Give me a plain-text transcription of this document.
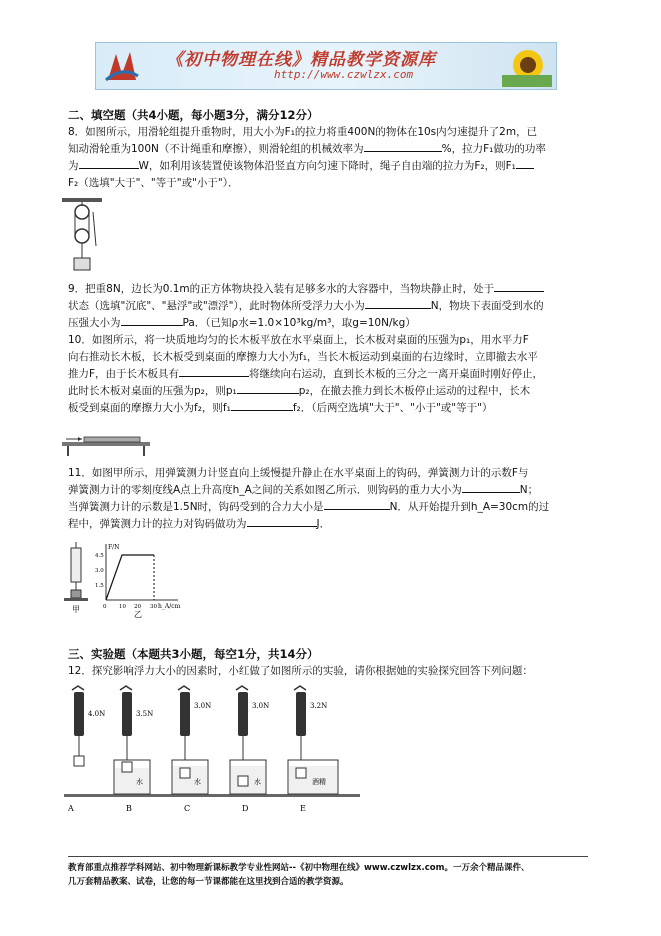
《初中物理在线》精品教学资源库
http://www.czwlzx.com
二、填空题（共4小题，每小题3分，满分12分）
8．如图所示，用滑轮组提升重物时，用大小为F₁的拉力将重400N的物体在10s内匀速提升了2m，已
知动滑轮重为100N（不计绳重和摩擦），则滑轮组的机械效率为	%，拉力F₁做功的功率
为	W，如利用该装置使该物体沿竖直方向匀速下降时，绳子自由端的拉力为F₂，则F₁
F₂（选填"大于"、"等于"或"小于"）．
9．把重8N，边长为0.1m的正方体物块投入装有足够多水的大容器中，当物块静止时，处于
状态（选填"沉底"、"悬浮"或"漂浮"），此时物体所受浮力大小为	N，物块下表面受到水的
压强大小为	Pa．（已知ρ水=1.0×10³kg/m³，取g=10N/kg）
10．如图所示，将一块质地均匀的长木板平放在水平桌面上，长木板对桌面的压强为p₁，用水平力F
向右推动长木板，长木板受到桌面的摩擦力大小为f₁，当长木板运动到桌面的右边缘时，立即撤去水平
推力F，由于长木板具有	将继续向右运动，直到长木板的三分之一离开桌面时刚好停止，
此时长木板对桌面的压强为p₂，则p₁	p₂，在撤去推力到长木板停止运动的过程中，长木
板受到桌面的摩擦力大小为f₂，则f₁	f₂．（后两空选填"大于"、"小于"或"等于"）
11．如图甲所示，用弹簧测力计竖直向上缓慢提升静止在水平桌面上的钩码，弹簧测力计的示数F与
弹簧测力计的零刻度线A点上升高度h_A之间的关系如图乙所示．则钩码的重力大小为	N；
当弹簧测力计的示数是1.5N时，钩码受到的合力大小是	N．从开始提升到h_A=30cm的过
程中，弹簧测力计的拉力对钩码做功为	J．
甲
F/N
h_A/cm
4.5
3.0
1.5
0 10 20 30
乙
三、实验题（本题共3小题，每空1分，共14分）
12．探究影响浮力大小的因素时，小红做了如图所示的实验，请你根据她的实验探究回答下列问题：
4.0N
A
3.5N
水
B
3.0N
水
C
3.0N
水
D
3.2N
酒精
E
教育部重点推荐学科网站、初中物理新课标教学专业性网站--《初中物理在线》www.czwlzx.com。一万余个精品课件、
几万套精品教案、试卷，让您的每一节课都能在这里找到合适的教学资源。
